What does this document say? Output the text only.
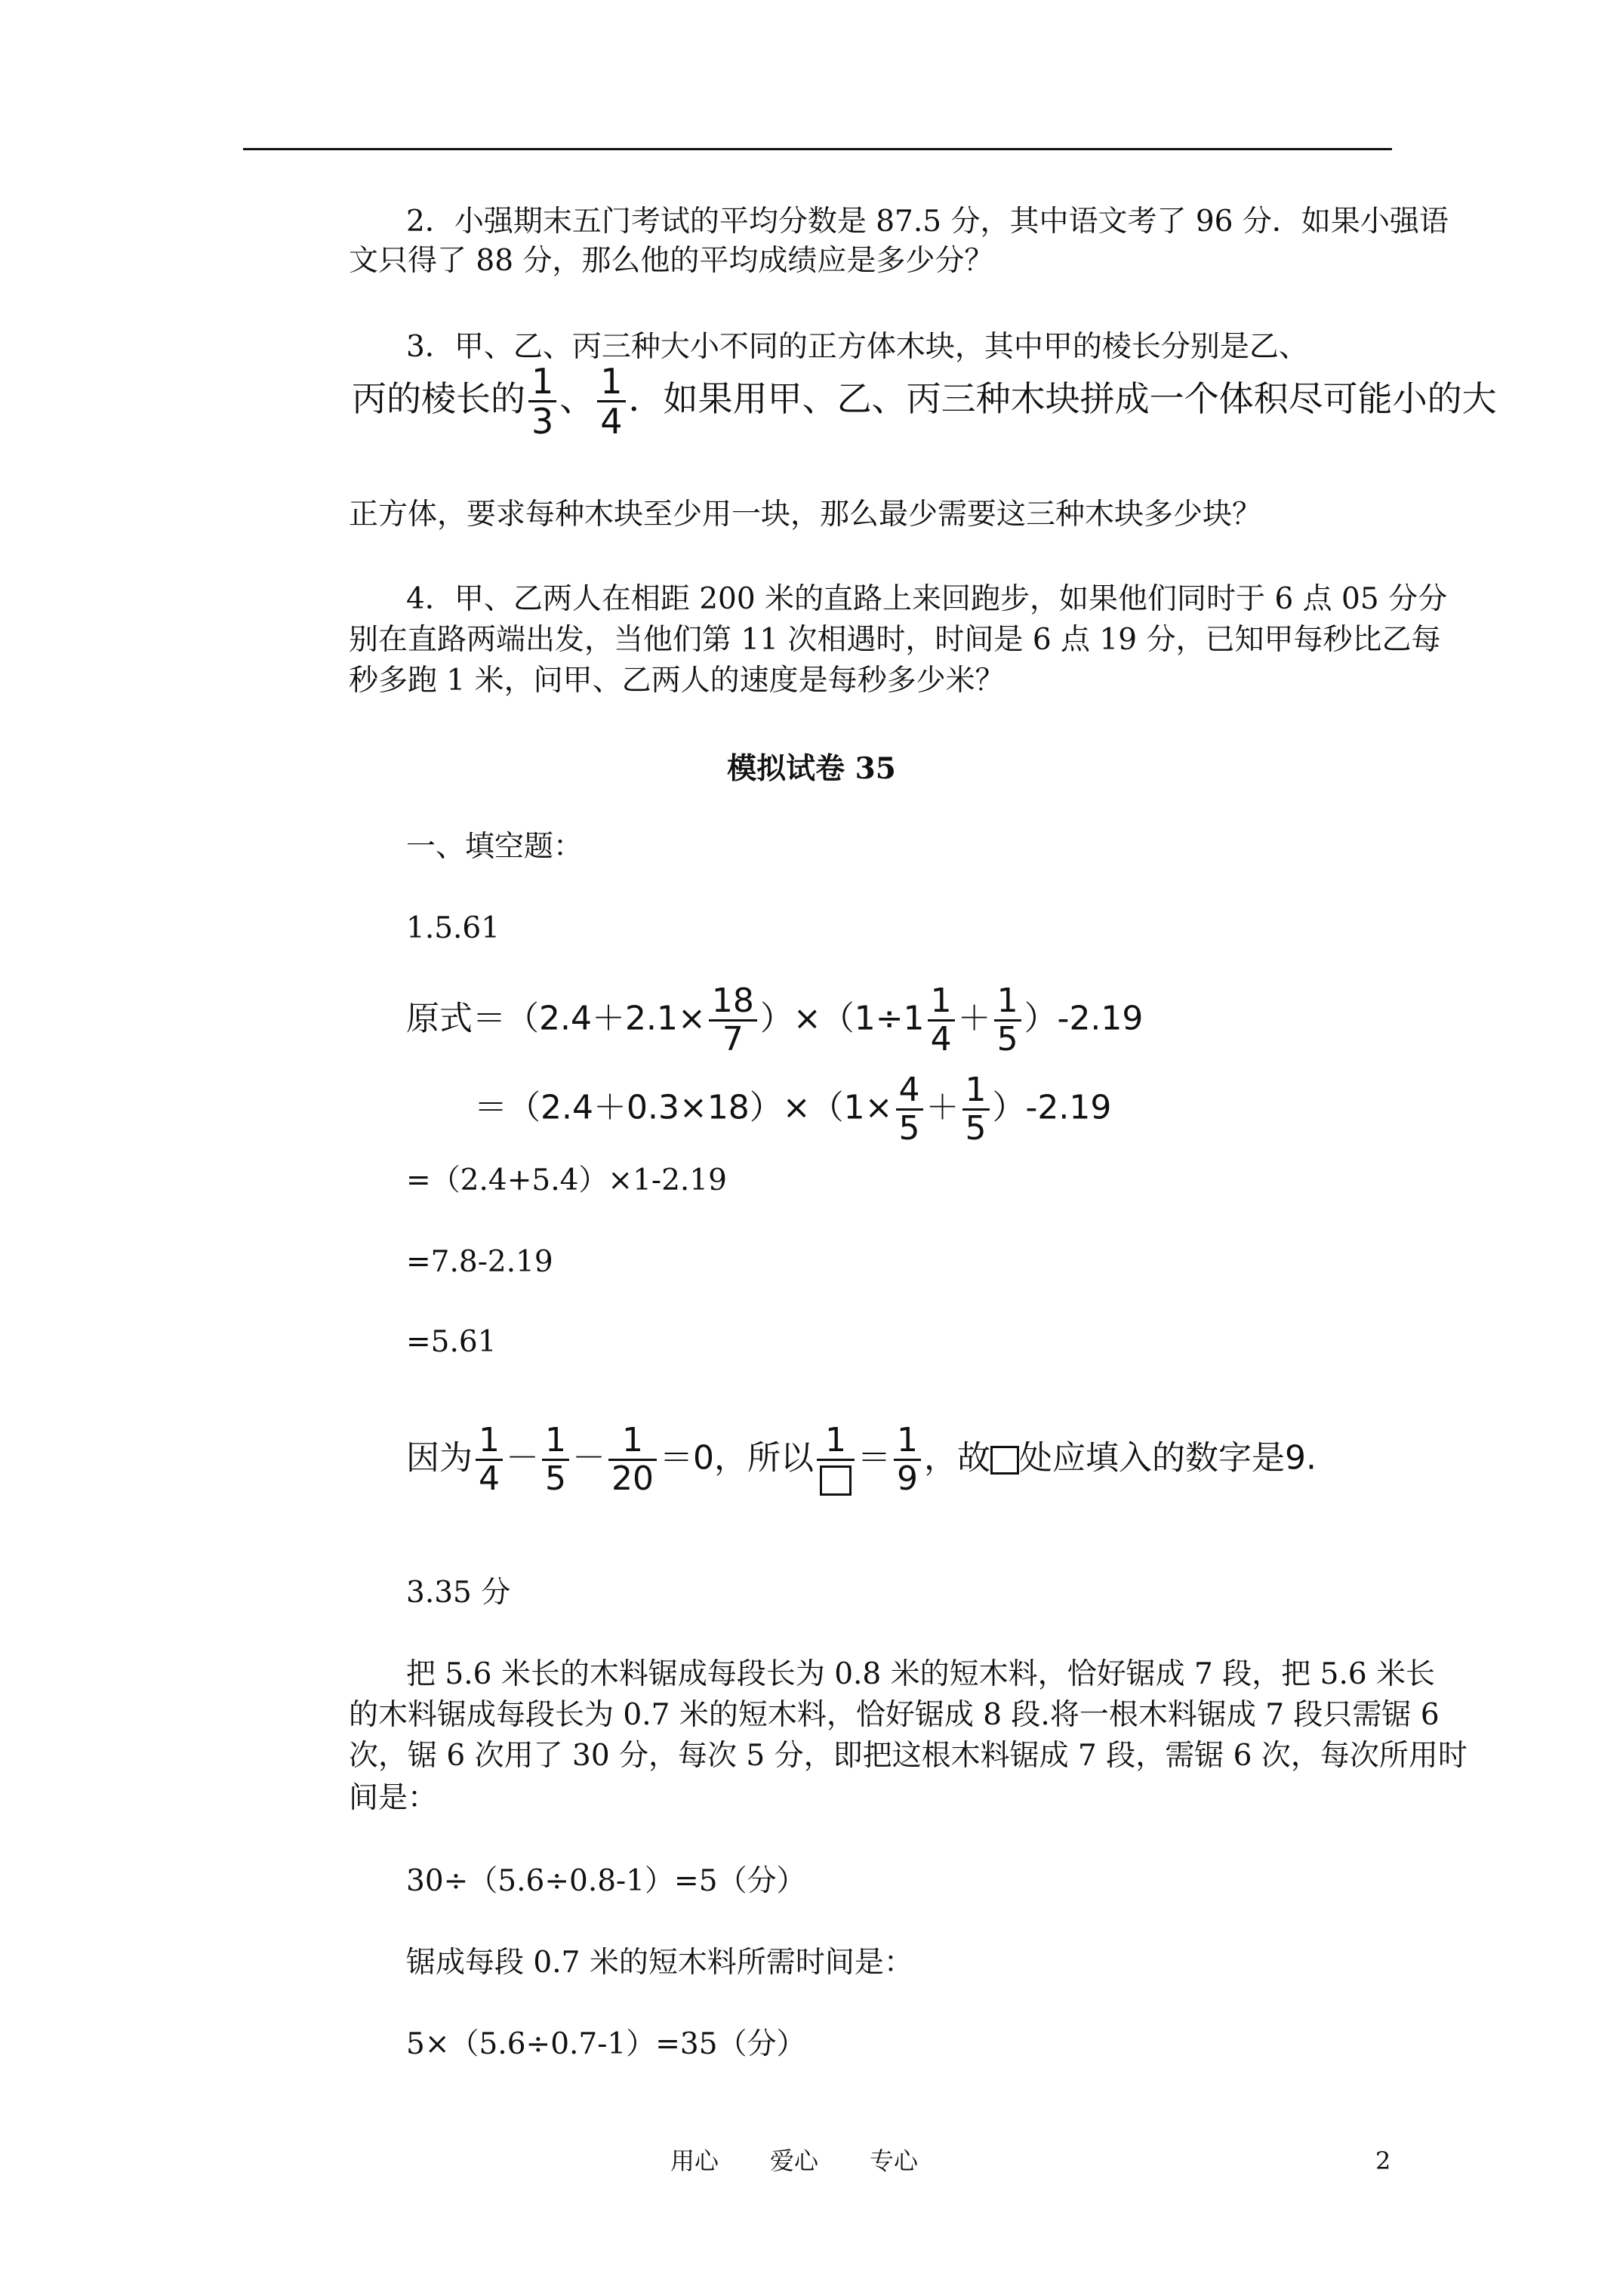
2．小强期末五门考试的平均分数是 87.5 分，其中语文考了 96 分．如果小强语
文只得了 88 分，那么他的平均成绩应是多少分？
3．甲、乙、丙三种大小不同的正方体木块，其中甲的棱长分别是乙、
丙的棱长的 $\frac{1}{3}$ 、 $\frac{1}{4}$ ．如果用甲、乙、丙三种木块拼成一个体积尽可能小的大
正方体，要求每种木块至少用一块，那么最少需要这三种木块多少块？
4．甲、乙两人在相距 200 米的直路上来回跑步，如果他们同时于 6 点 05 分分
别在直路两端出发，当他们第 11 次相遇时，时间是 6 点 19 分，已知甲每秒比乙每
秒多跑 1 米，问甲、乙两人的速度是每秒多少米？
模拟试卷 35
一、填空题：
1.5.61
原式$=(2.4+2.1\times \frac{18}{7} )\times(1\div 1 \frac{1}{4} + \frac{1}{5} )-2.19$
$=(2.4+0.3\times 18)\times(1\times \frac{4}{5} + \frac{1}{5} )-2.19$
=（2.4+5.4）×1-2.19
=7.8-2.19
=5.61
因为 $\frac{1}{4} - \frac{1}{5} - \frac{1}{20} =0$，所以 $1 = \frac{1}{9}$ ，故 处应填入的数字是9.
3.35 分
把 5.6 米长的木料锯成每段长为 0.8 米的短木料，恰好锯成 7 段，把 5.6 米长
的木料锯成每段长为 0.7 米的短木料，恰好锯成 8 段.将一根木料锯成 7 段只需锯 6
次，锯 6 次用了 30 分，每次 5 分，即把这根木料锯成 7 段，需锯 6 次，每次所用时
间是：
30÷（5.6÷0.8-1）=5（分）
锯成每段 0.7 米的短木料所需时间是：
5×（5.6÷0.7-1）=35（分）
用心 爱心 专心	2
